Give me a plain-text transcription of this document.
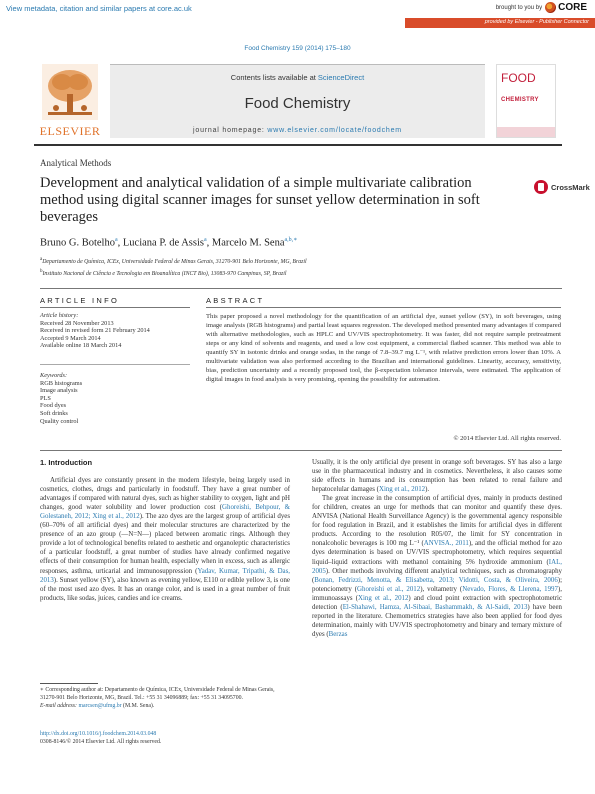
View metadata, citation and similar papers at core.ac.uk	brought to you by CORE
provided by Elsevier - Publisher Connector
Food Chemistry 159 (2014) 175–180
ELSEVIER
Contents lists available at ScienceDirect
Food Chemistry
journal homepage: www.elsevier.com/locate/foodchem
FOOD
CHEMISTRY
Analytical Methods
Development and analytical validation of a simple multivariate calibration method using digital scanner images for sunset yellow determination in soft beverages
CrossMark
Bruno G. Botelho$^a$, Luciana P. de Assis$^a$, Marcelo M. Sena$^{a,b,∗}$
$^a$Departamento de Química, ICEx, Universidade Federal de Minas Gerais, 31270-901 Belo Horizonte, MG, Brazil
$^b$Instituto Nacional de Ciência e Tecnologia em Bioanalítica (INCT Bio), 13083-970 Campinas, SP, Brazil
ARTICLE INFO	ABSTRACT
Article history:
Received 28 November 2013
Received in revised form 21 February 2014
Accepted 9 March 2014
Available online 18 March 2014
Keywords:
RGB histograms
Image analysis
PLS
Food dyes
Soft drinks
Quality control
This paper proposed a novel methodology for the quantification of an artificial dye, sunset yellow (SY), in soft beverages, using image analysis (RGB histograms) and partial least squares regression. The developed method presented many advantages if compared with alternative methodologies, such as HPLC and UV/VIS spectrophotometry. It was faster, did not require sample pretreatment steps or any kind of solvents and reagents, and used a low cost equipment, a commercial flatbed scanner. This method was able to quantify SY in isotonic drinks and orange sodas, in the range of 7.8–39.7 mg L⁻¹, with relative prediction errors lower than 10%. A multivariate validation was also performed according to the Brazilian and international guidelines. Linearity, accuracy, sensitivity, bias, prediction uncertainty and a recently proposed tool, the β-expectation tolerance intervals, were estimated. The application of digital images in food analysis is very promising, opening the possibility for automation.
© 2014 Elsevier Ltd. All rights reserved.
1. Introduction

Artificial dyes are constantly present in the modern lifestyle, being largely used in cosmetics, clothes, drugs and particularly in foodstuff. They have a great number of advantages if compared with natural dyes, such as higher stability to oxygen, light and pH changes, good water solubility and lower production cost (Ghoreishi, Behpour, & Golestaneh, 2012; Xing et al., 2012). The azo dyes are the largest group of artificial dyes (60–70% of all artificial dyes) and their molecular structures are characterized by the presence of an azo group (—N=N—) placed between aromatic rings. Although they provide a lot of technological benefits related to aesthetic and organoleptic characteristics of a particular foodstuff, a great number of studies have already confirmed negative effects of their consumption for human health, especially when in excess, such as allergic responses, asthma, urticarial and immunosuppression (Yadav, Kumar, Tripathi, & Das, 2013). Sunset yellow (SY), also known as evening yellow, E110 or edible yellow 3, is one of the most used azo dyes. It has an orange color, and is used in a great number of fruit products, like sodas, juices, candies and ice creams.

Usually, it is the only artificial dye present in orange soft beverages. SY has also a large use in the pharmaceutical industry and in cosmetics. Nevertheless, it also causes some side effects in humans and its consumption has been related to renal failure and hepatocelular damages (Xing et al., 2012).

The great increase in the consumption of artificial dyes, mainly in products destined for children, creates an urge for methods that can monitor and quantify these dyes. ANVISA (National Health Surveillance Agency) is the governmental agency responsible for food regulation in Brazil, and it establishes the limits for artificial dyes in different products. According to the resolution R05/07, the limit for SY concentration in nonalcoholic beverages is 100 mg L⁻¹ (ANVISA., 2011), and the official method for azo dyes determination is based on UV/VIS spectrophotometry, which requires sequential liquid–liquid extractions with methanol containing 5% hydroxide ammonium (IAL, 2005). Other methods involving different analytical techniques, such as chromatography (Bonan, Fedrizzi, Menotta, & Elisabetta, 2013; Vidotti, Costa, & Oliveira, 2006); potenciometry (Ghoreishi et al., 2012), voltametry (Nevado, Flores, & Llerena, 1997), immunoassays (Xing et al., 2012) and cloud point extraction with spectrophotometric detection (El-Shahawi, Hamza, Al-Sibaai, Bashammakh, & Al-Saidi, 2013) have been reported in the literature. Chemometrics strategies have also been applied for food dyes determination, mainly with UV/VIS spectrophotometry and binary and ternary mixture of dyes (Berzas

∗ Corresponding author at: Departamento de Química, ICEx, Universidade Federal de Minas Gerais, 31270-901 Belo Horizonte, MG, Brazil. Tel.: +55 31 34096889; fax: +55 31 34095700.
E-mail address: marcsen@ufmg.br (M.M. Sena).
http://dx.doi.org/10.1016/j.foodchem.2014.03.048
0308-8146/© 2014 Elsevier Ltd. All rights reserved.
